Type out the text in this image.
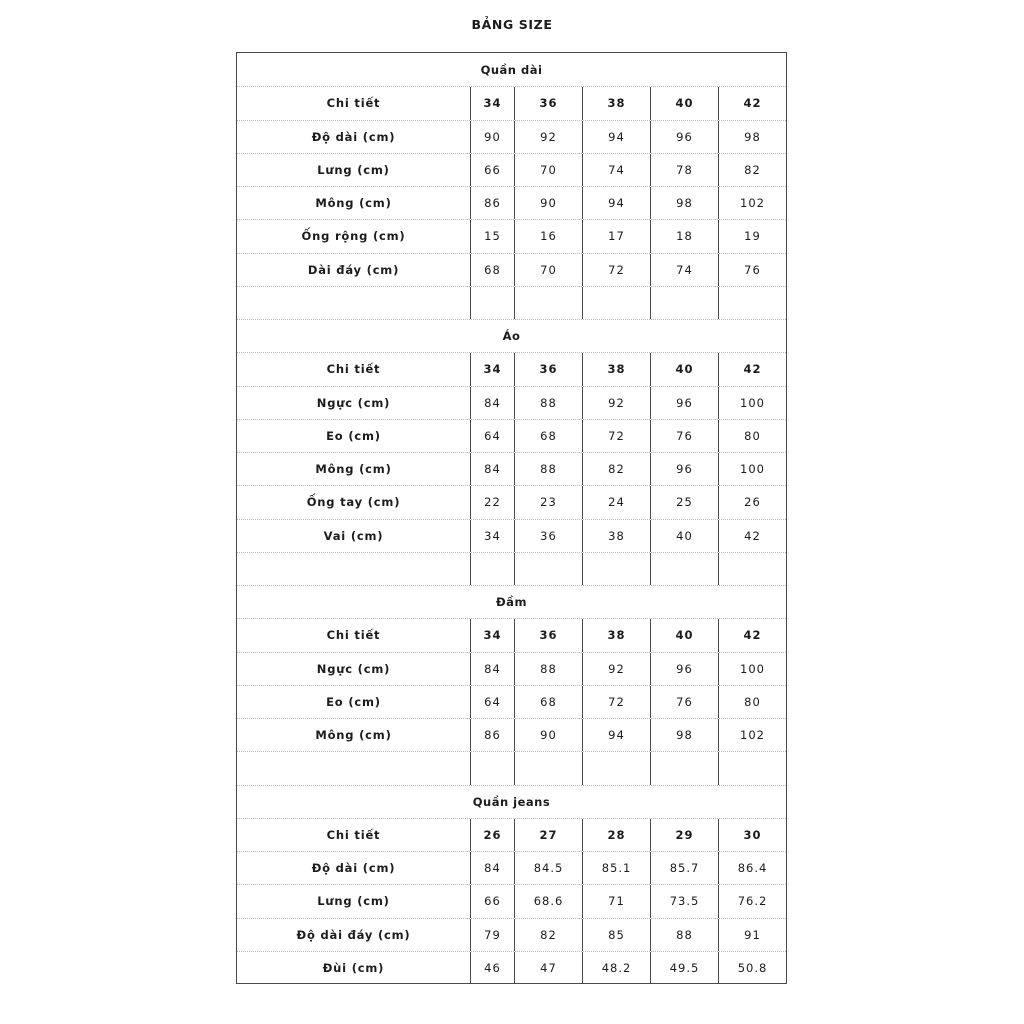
BẢNG SIZE
Quần dài
Chi tiết	34	36	38	40	42
Độ dài (cm)	90	92	94	96	98
Lưng (cm)	66	70	74	78	82
Mông (cm)	86	90	94	98	102
Ống rộng (cm)	15	16	17	18	19
Dài đáy (cm)	68	70	72	74	76
Áo
Chi tiết	34	36	38	40	42
Ngực (cm)	84	88	92	96	100
Eo (cm)	64	68	72	76	80
Mông (cm)	84	88	82	96	100
Ống tay (cm)	22	23	24	25	26
Vai (cm)	34	36	38	40	42
Đầm
Chi tiết	34	36	38	40	42
Ngực (cm)	84	88	92	96	100
Eo (cm)	64	68	72	76	80
Mông (cm)	86	90	94	98	102
Quần jeans
Chi tiết	26	27	28	29	30
Độ dài (cm)	84	84.5	85.1	85.7	86.4
Lưng (cm)	66	68.6	71	73.5	76.2
Độ dài đáy (cm)	79	82	85	88	91
Đùi (cm)	46	47	48.2	49.5	50.8
